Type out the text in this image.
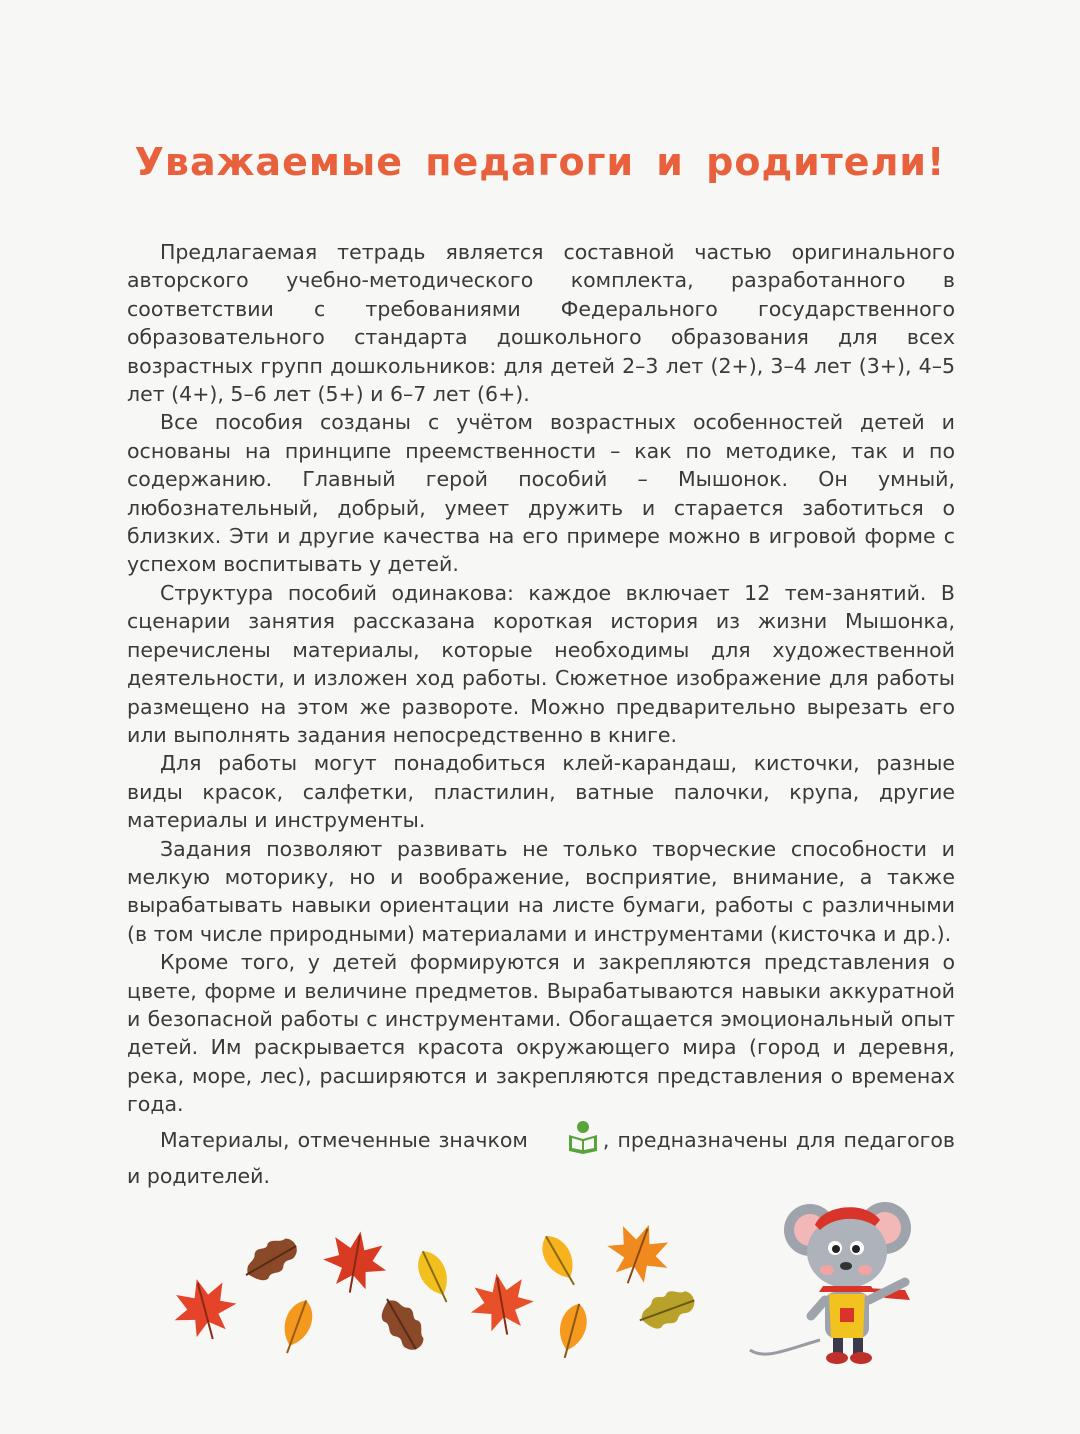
Уважаемые педагоги и родители!

Предлагаемая тетрадь является составной частью оригинального авторского учебно-методического комплекта, разработанного в соответствии с требованиями Федерального государственного образовательного стандарта дошкольного образования для всех возрастных групп дошкольников: для детей 2–3 лет (2+), 3–4 лет (3+), 4–5 лет (4+), 5–6 лет (5+) и 6–7 лет (6+).

Все пособия созданы с учётом возрастных особенностей детей и основаны на принципе преемственности – как по методике, так и по содержанию. Главный герой пособий – Мышонок. Он умный, любознательный, добрый, умеет дружить и старается заботиться о близких. Эти и другие качества на его примере можно в игровой форме с успехом воспитывать у детей.

Структура пособий одинакова: каждое включает 12 тем-занятий. В сценарии занятия рассказана короткая история из жизни Мышонка, перечислены материалы, которые необходимы для художественной деятельности, и изложен ход работы. Сюжетное изображение для работы размещено на этом же развороте. Можно предварительно вырезать его или выполнять задания непосредственно в книге.

Для работы могут понадобиться клей-карандаш, кисточки, разные виды красок, салфетки, пластилин, ватные палочки, крупа, другие материалы и инструменты.

Задания позволяют развивать не только творческие способности и мелкую моторику, но и воображение, восприятие, внимание, а также вырабатывать навыки ориентации на листе бумаги, работы с различными (в том числе природными) материалами и инструментами (кисточка и др.).

Кроме того, у детей формируются и закрепляются представления о цвете, форме и величине предметов. Вырабатываются навыки аккуратной и безопасной работы с инструментами. Обогащается эмоциональный опыт детей. Им раскрывается красота окружающего мира (город и деревня, река, море, лес), расширяются и закрепляются представления о временах года.

Материалы, отмеченные значком	, предназначены для педагогов и родителей.
